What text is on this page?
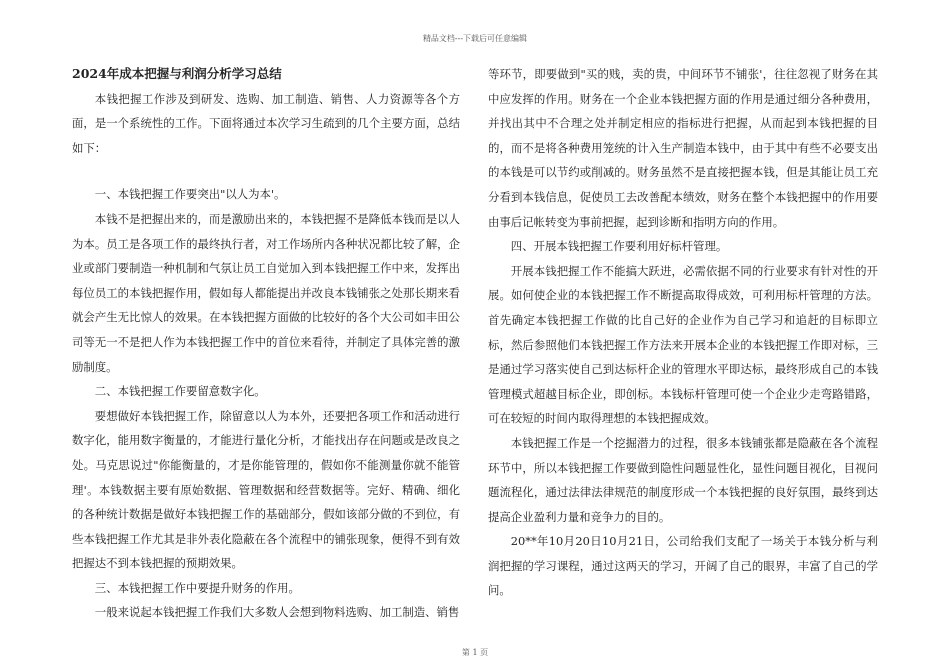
精品文档---下载后可任意编辑
2024年成本把握与利润分析学习总结

本钱把握工作涉及到研发、选购、加工制造、销售、人力资源等各个方面，是一个系统性的工作。下面将通过本次学习生疏到的几个主要方面，总结如下：

一、本钱把握工作要突出"以人为本'。

本钱不是把握出来的，而是激励出来的，本钱把握不是降低本钱而是以人为本。员工是各项工作的最终执行者，对工作场所内各种状况都比较了解，企业或部门要制造一种机制和气氛让员工自觉加入到本钱把握工作中来，发挥出每位员工的本钱把握作用，假如每人都能提出并改良本钱铺张之处那长期来看就会产生无比惊人的效果。在本钱把握方面做的比较好的各个大公司如丰田公司等无一不是把人作为本钱把握工作中的首位来看待，并制定了具体完善的激励制度。

二、本钱把握工作要留意数字化。

要想做好本钱把握工作，除留意以人为本外，还要把各项工作和活动进行数字化，能用数字衡量的，才能进行量化分析，才能找出存在问题或是改良之处。马克思说过"你能衡量的，才是你能管理的，假如你不能测量你就不能管理'。本钱数据主要有原始数据、管理数据和经营数据等。完好、精确、细化的各种统计数据是做好本钱把握工作的基础部分，假如该部分做的不到位，有些本钱把握工作尤其是非外表化隐蔽在各个流程中的铺张现象，便得不到有效把握达不到本钱把握的预期效果。

三、本钱把握工作中要提升财务的作用。

一般来说起本钱把握工作我们大多数人会想到物料选购、加工制造、销售

等环节，即要做到"买的贱，卖的贵，中间环节不铺张'，往往忽视了财务在其中应发挥的作用。财务在一个企业本钱把握方面的作用是通过细分各种费用，并找出其中不合理之处并制定相应的指标进行把握，从而起到本钱把握的目的，而不是将各种费用笼统的计入生产制造本钱中，由于其中有些不必要支出的本钱是可以节约或削减的。财务虽然不是直接把握本钱，但是其能让员工充分看到本钱信息，促使员工去改善配本绩效，财务在整个本钱把握中的作用要由事后记帐转变为事前把握，起到诊断和指明方向的作用。

四、开展本钱把握工作要利用好标杆管理。

开展本钱把握工作不能搞大跃进，必需依据不同的行业要求有针对性的开展。如何使企业的本钱把握工作不断提高取得成效，可利用标杆管理的方法。首先确定本钱把握工作做的比自己好的企业作为自己学习和追赶的目标即立标，然后参照他们本钱把握工作方法来开展本企业的本钱把握工作即对标，三是通过学习落实使自己到达标杆企业的管理水平即达标，最终形成自己的本钱管理模式超越目标企业，即创标。本钱标杆管理可使一个企业少走弯路错路，可在较短的时间内取得理想的本钱把握成效。

本钱把握工作是一个挖掘潜力的过程，很多本钱铺张都是隐蔽在各个流程环节中，所以本钱把握工作要做到隐性问题显性化，显性问题目视化，目视问题流程化，通过法律法律规范的制度形成一个本钱把握的良好氛围，最终到达提高企业盈利力量和竞争力的目的。

20**年10月20日10月21日，公司给我们支配了一场关于本钱分析与利润把握的学习课程，通过这两天的学习，开阔了自己的眼界，丰富了自己的学问。

第 1 页
